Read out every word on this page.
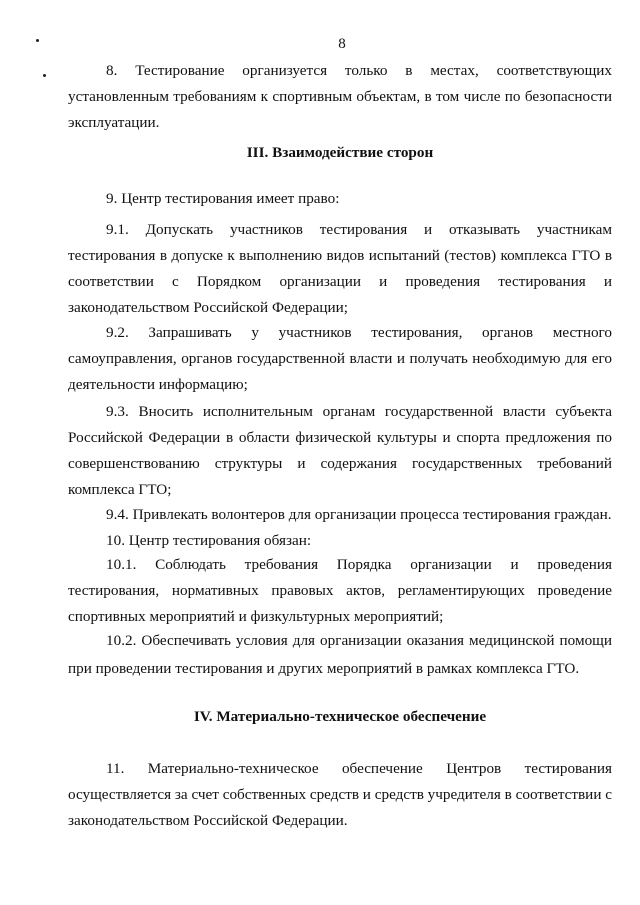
8
8. Тестирование организуется только в местах, соответствующих
установленным требованиям к спортивным объектам, в том числе по безопасности
эксплуатации.
III. Взаимодействие сторон
9. Центр тестирования имеет право:
9.1. Допускать участников тестирования и отказывать участникам
тестирования в допуске к выполнению видов испытаний (тестов) комплекса ГТО в
соответствии с Порядком организации и проведения тестирования и
законодательством Российской Федерации;
9.2. Запрашивать у участников тестирования, органов местного
самоуправления, органов государственной власти и получать необходимую для его
деятельности информацию;
9.3. Вносить исполнительным органам государственной власти субъекта
Российской Федерации в области физической культуры и спорта предложения по
совершенствованию структуры и содержания государственных требований
комплекса ГТО;
9.4. Привлекать волонтеров для организации процесса тестирования граждан.
10. Центр тестирования обязан:
10.1. Соблюдать требования Порядка организации и проведения
тестирования, нормативных правовых актов, регламентирующих проведение
спортивных мероприятий и физкультурных мероприятий;
10.2. Обеспечивать условия для организации оказания медицинской помощи
при проведении тестирования и других мероприятий в рамках комплекса ГТО.
IV. Материально-техническое обеспечение
11. Материально-техническое обеспечение Центров тестирования
осуществляется за счет собственных средств и средств учредителя в соответствии с
законодательством Российской Федерации.
